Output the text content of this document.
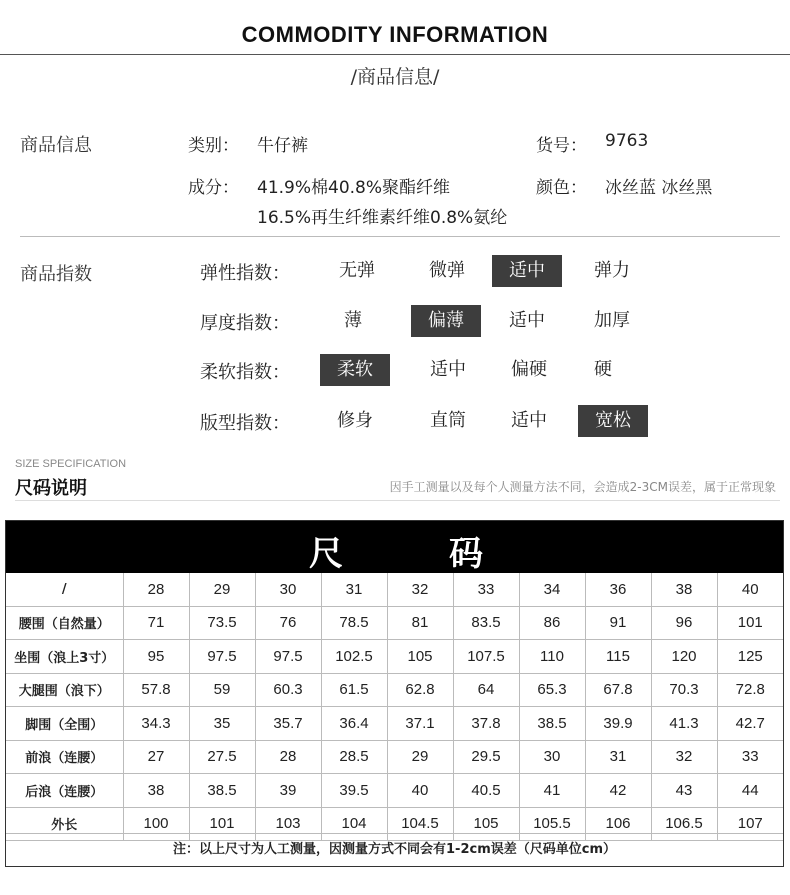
COMMODITY INFORMATION
/商品信息/
商品信息	类别： 牛仔裤	货号： 9763
成分： 41.9%棉40.8%聚酯纤维
16.5%再生纤维素纤维0.8%氨纶
颜色： 冰丝蓝 冰丝黑
商品指数	弹性指数：	无弹	微弹	适中	弹力
厚度指数：	薄	偏薄	适中	加厚
柔软指数：	柔软	适中	偏硬	硬
版型指数：	修身	直筒	适中	宽松
SIZE SPECIFICATION
尺码说明	因手工测量以及每个人测量方法不同，会造成2-3CM误差，属于正常现象
尺	码
/	28	29	30	31	32	33	34	36	38	40
腰围（自然量）	71	73.5	76	78.5	81	83.5	86	91	96	101
坐围（浪上3寸）	95	97.5	97.5	102.5	105	107.5	110	115	120	125
大腿围（浪下）	57.8	59	60.3	61.5	62.8	64	65.3	67.8	70.3	72.8
脚围（全围）	34.3	35	35.7	36.4	37.1	37.8	38.5	39.9	41.3	42.7
前浪（连腰）	27	27.5	28	28.5	29	29.5	30	31	32	33
后浪（连腰）	38	38.5	39	39.5	40	40.5	41	42	43	44
外长	100	101	103	104	104.5	105	105.5	106	106.5	107
注：以上尺寸为人工测量，因测量方式不同会有1-2cm误差（尺码单位cm）
